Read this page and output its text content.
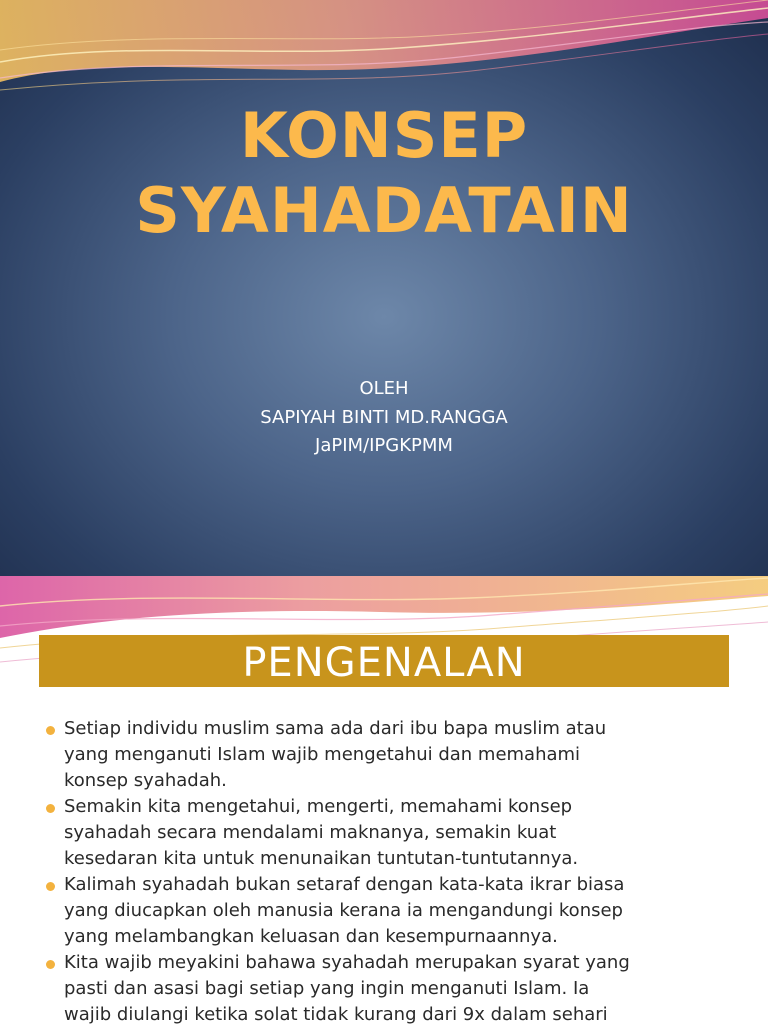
KONSEP
SYAHADATAIN
OLEH
SAPIYAH BINTI MD.RANGGA
JaPIM/IPGKPMM
PENGENALAN
Setiap individu muslim sama ada dari ibu bapa muslim atau
yang menganuti Islam wajib mengetahui dan memahami
konsep syahadah.
Semakin kita mengetahui, mengerti, memahami konsep
syahadah secara mendalami maknanya, semakin kuat
kesedaran kita untuk menunaikan tuntutan-tuntutannya.
Kalimah syahadah bukan setaraf dengan kata-kata ikrar biasa
yang diucapkan oleh manusia kerana ia mengandungi konsep
yang melambangkan keluasan dan kesempurnaannya.
Kita wajib meyakini bahawa syahadah merupakan syarat yang
pasti dan asasi bagi setiap yang ingin menganuti Islam. Ia
wajib diulangi ketika solat tidak kurang dari 9x dalam sehari
